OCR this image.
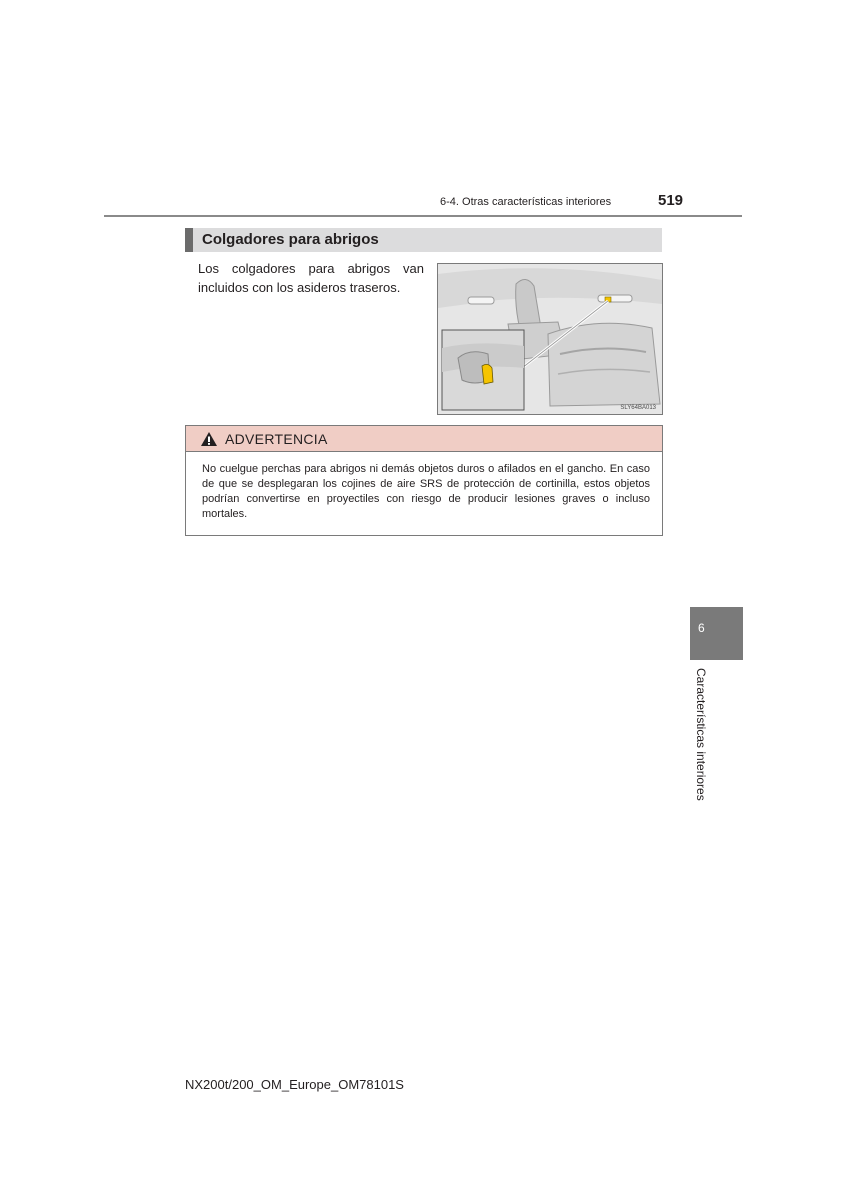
6-4. Otras características interiores	519
Colgadores para abrigos
Los colgadores para abrigos van incluidos con los asideros traseros.
SLY64BA013
ADVERTENCIA
No cuelgue perchas para abrigos ni demás objetos duros o afilados en el gancho. En caso de que se desplegaran los cojines de aire SRS de protección de cortinilla, estos objetos podrían convertirse en proyectiles con riesgo de producir lesiones graves o incluso mortales.
6
Características interiores
NX200t/200_OM_Europe_OM78101S
